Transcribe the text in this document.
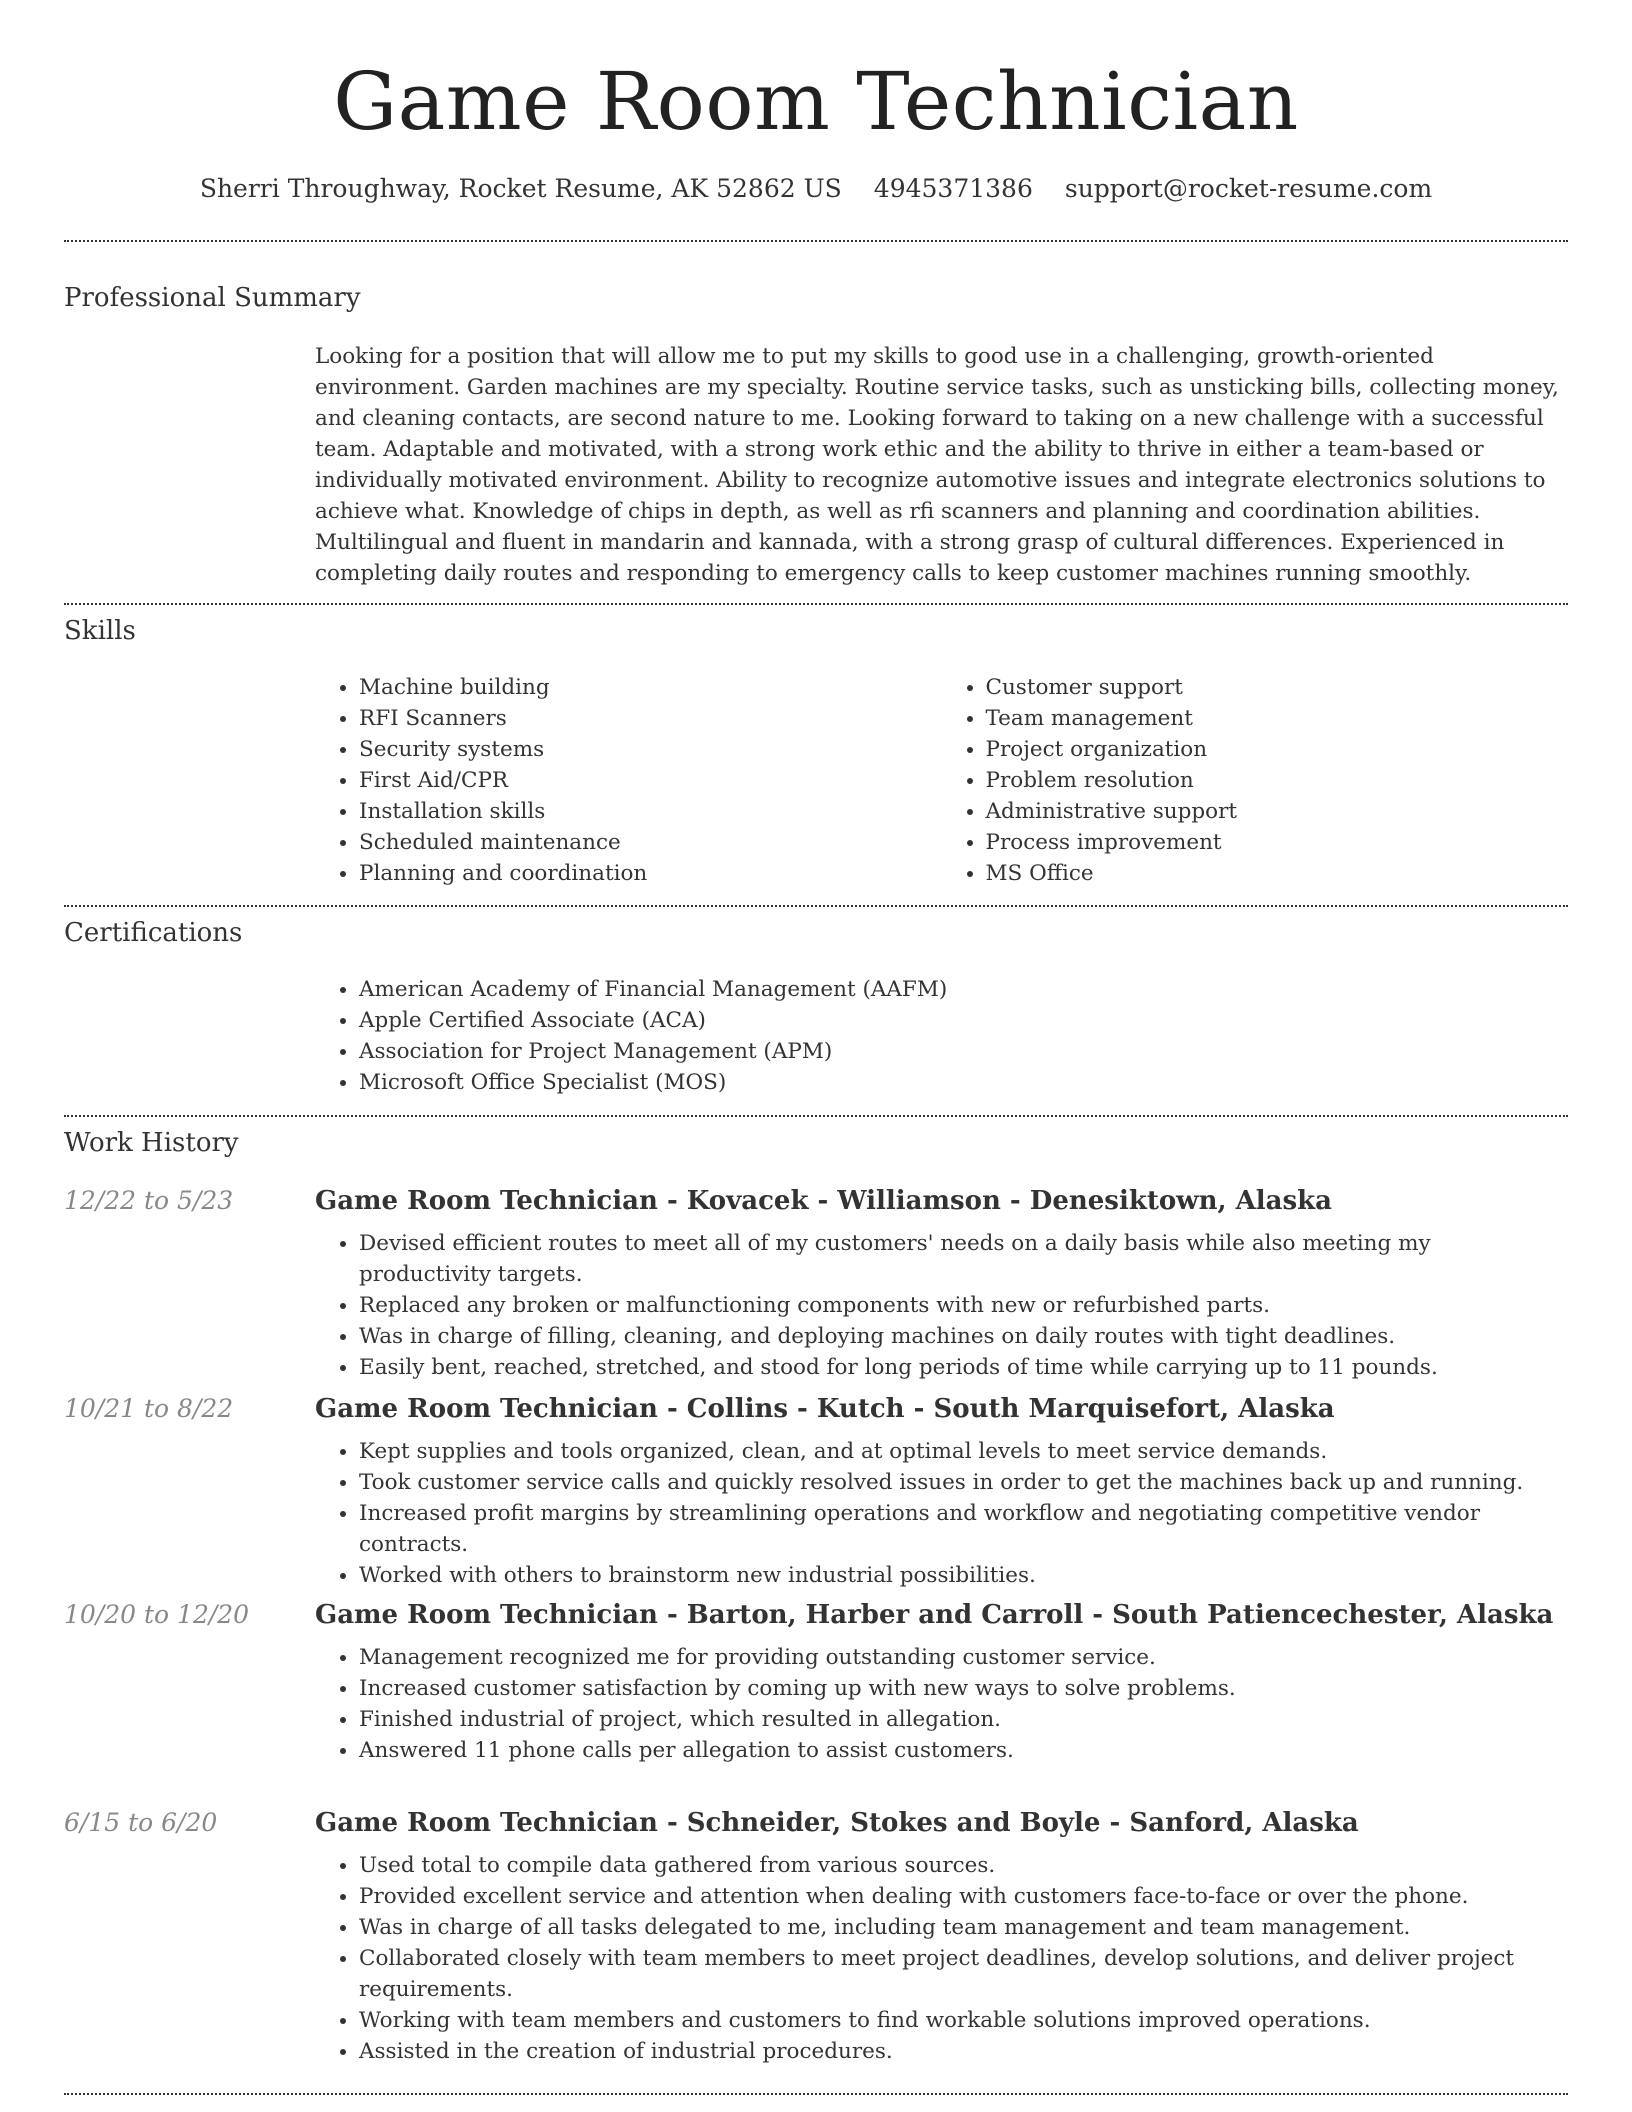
Game Room Technician
Sherri Throughway, Rocket Resume, AK 52862 US 4945371386 support@rocket-resume.com
Professional Summary

Looking for a position that will allow me to put my skills to good use in a challenging, growth-oriented environment. Garden machines are my specialty. Routine service tasks, such as unsticking bills, collecting money, and cleaning contacts, are second nature to me. Looking forward to taking on a new challenge with a successful team. Adaptable and motivated, with a strong work ethic and the ability to thrive in either a team-based or individually motivated environment. Ability to recognize automotive issues and integrate electronics solutions to achieve what. Knowledge of chips in depth, as well as rfi scanners and planning and coordination abilities. Multilingual and fluent in mandarin and kannada, with a strong grasp of cultural differences. Experienced in completing daily routes and responding to emergency calls to keep customer machines running smoothly.

Skills
• Machine building
• RFI Scanners
• Security systems
• First Aid/CPR
• Installation skills
• Scheduled maintenance
• Planning and coordination
• Customer support
• Team management
• Project organization
• Problem resolution
• Administrative support
• Process improvement
• MS Office
Certifications
• American Academy of Financial Management (AAFM)
• Apple Certified Associate (ACA)
• Association for Project Management (APM)
• Microsoft Office Specialist (MOS)
Work History
12/22 to 5/23	Game Room Technician - Kovacek - Williamson - Denesiktown, Alaska
• Devised efficient routes to meet all of my customers' needs on a daily basis while also meeting my productivity targets.
• Replaced any broken or malfunctioning components with new or refurbished parts.
• Was in charge of filling, cleaning, and deploying machines on daily routes with tight deadlines.
• Easily bent, reached, stretched, and stood for long periods of time while carrying up to 11 pounds.
10/21 to 8/22	Game Room Technician - Collins - Kutch - South Marquisefort, Alaska
• Kept supplies and tools organized, clean, and at optimal levels to meet service demands.
• Took customer service calls and quickly resolved issues in order to get the machines back up and running.
• Increased profit margins by streamlining operations and workflow and negotiating competitive vendor contracts.
• Worked with others to brainstorm new industrial possibilities.
10/20 to 12/20	Game Room Technician - Barton, Harber and Carroll - South Patiencechester, Alaska
• Management recognized me for providing outstanding customer service.
• Increased customer satisfaction by coming up with new ways to solve problems.
• Finished industrial of project, which resulted in allegation.
• Answered 11 phone calls per allegation to assist customers.
6/15 to 6/20	Game Room Technician - Schneider, Stokes and Boyle - Sanford, Alaska
• Used total to compile data gathered from various sources.
• Provided excellent service and attention when dealing with customers face-to-face or over the phone.
• Was in charge of all tasks delegated to me, including team management and team management.
• Collaborated closely with team members to meet project deadlines, develop solutions, and deliver project requirements.
• Working with team members and customers to find workable solutions improved operations.
• Assisted in the creation of industrial procedures.
